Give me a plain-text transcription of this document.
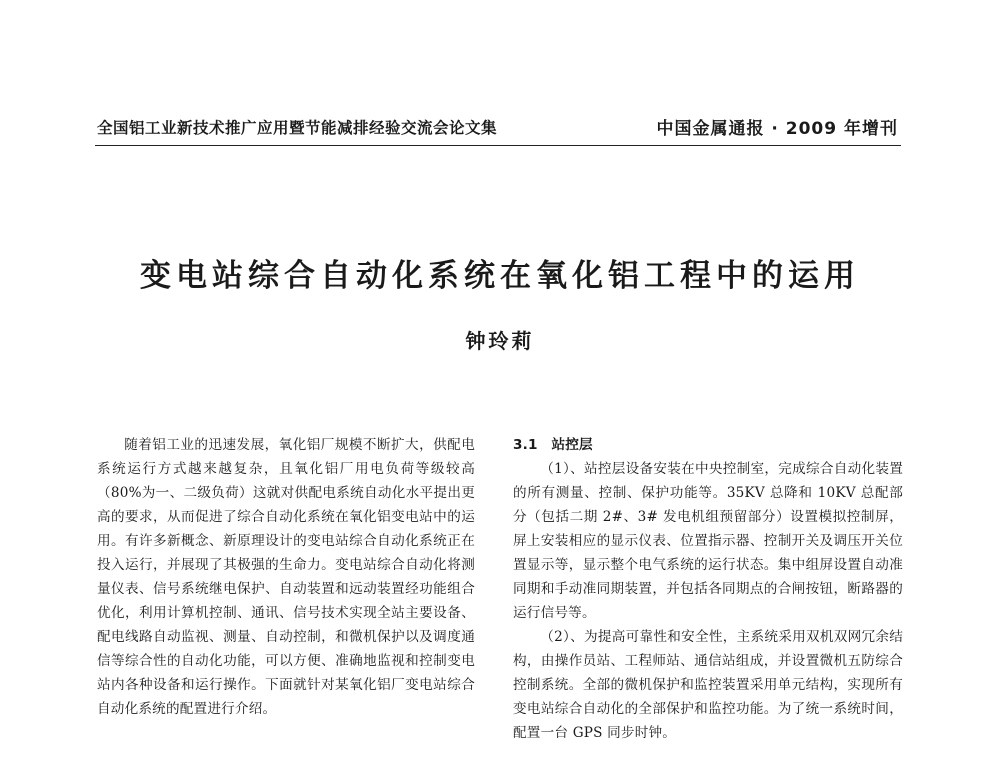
全国铝工业新技术推广应用暨节能减排经验交流会论文集	中国金属通报 · 2009 年增刊
变电站综合自动化系统在氧化铝工程中的运用
钟玲莉

随着铝工业的迅速发展，氧化铝厂规模不断扩大，供配电系统运行方式越来越复杂，且氧化铝厂用电负荷等级较高（80%为一、二级负荷）这就对供配电系统自动化水平提出更高的要求，从而促进了综合自动化系统在氧化铝变电站中的运用。有许多新概念、新原理设计的变电站综合自动化系统正在投入运行，并展现了其极强的生命力。变电站综合自动化将测量仪表、信号系统继电保护、自动装置和远动装置经功能组合优化，利用计算机控制、通讯、信号技术实现全站主要设备、配电线路自动监视、测量、自动控制，和微机保护以及调度通信等综合性的自动化功能，可以方便、准确地监视和控制变电站内各种设备和运行操作。下面就针对某氧化铝厂变电站综合自动化系统的配置进行介绍。

3.1　站控层

（1）、站控层设备安装在中央控制室，完成综合自动化装置的所有测量、控制、保护功能等。35KV 总降和 10KV 总配部分（包括二期 2#、3# 发电机组预留部分）设置模拟控制屏，屏上安装相应的显示仪表、位置指示器、控制开关及调压开关位置显示等，显示整个电气系统的运行状态。集中组屏设置自动准同期和手动准同期装置，并包括各同期点的合闸按钮，断路器的运行信号等。

（2）、为提高可靠性和安全性，主系统采用双机双网冗余结构，由操作员站、工程师站、通信站组成，并设置微机五防综合控制系统。全部的微机保护和监控装置采用单元结构，实现所有变电站综合自动化的全部保护和监控功能。为了统一系统时间，配置一台 GPS 同步时钟。
